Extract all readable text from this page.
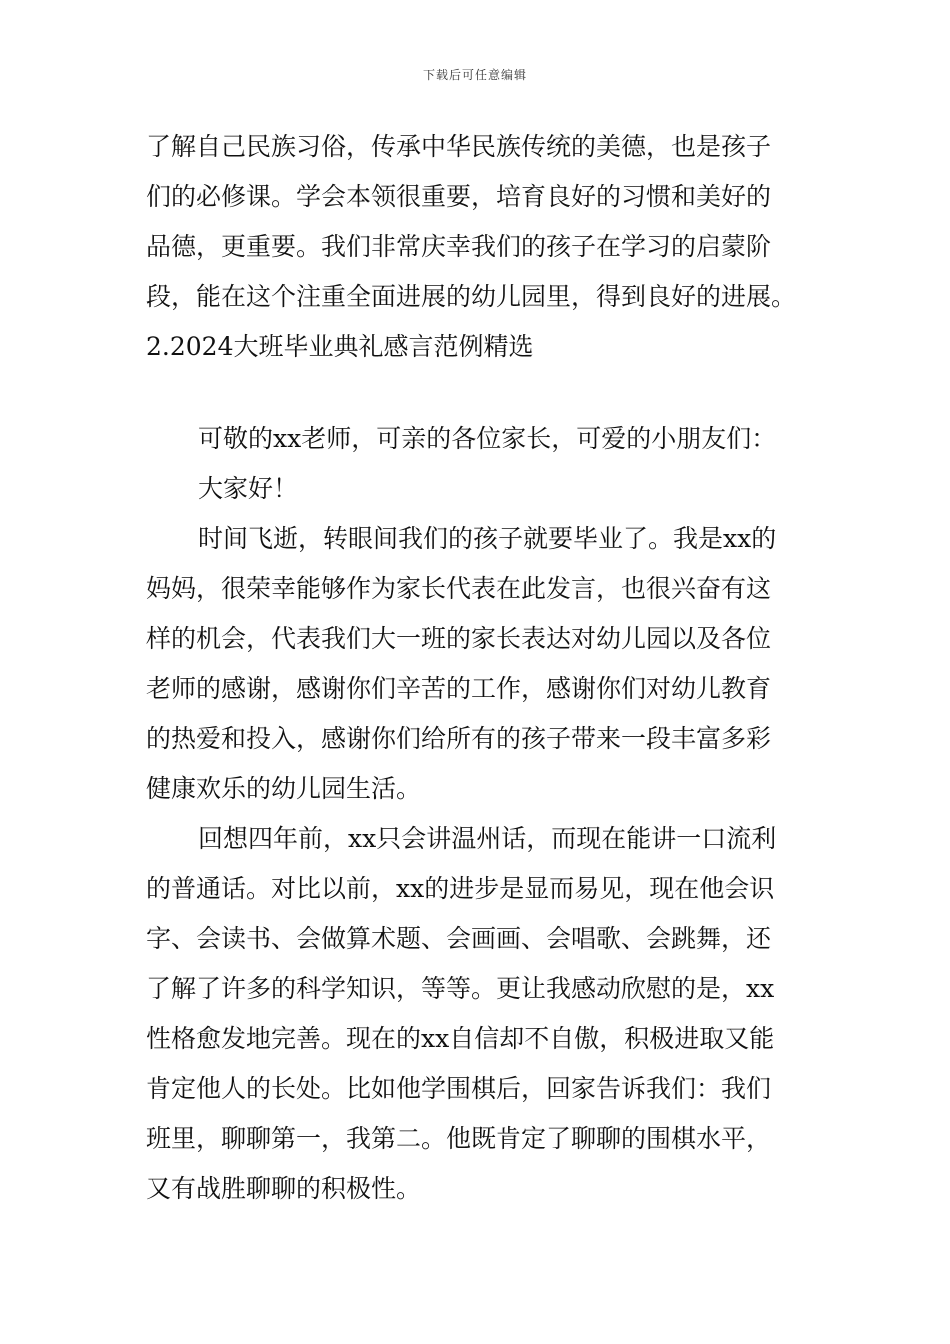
下载后可任意编辑
了解自己民族习俗，传承中华民族传统的美德，也是孩子
们的必修课。学会本领很重要，培育良好的习惯和美好的
品德，更重要。我们非常庆幸我们的孩子在学习的启蒙阶
段，能在这个注重全面进展的幼儿园里，得到良好的进展。
2.2024大班毕业典礼感言范例精选
可敬的xx老师，可亲的各位家长，可爱的小朋友们：
大家好！
时间飞逝，转眼间我们的孩子就要毕业了。我是xx的
妈妈，很荣幸能够作为家长代表在此发言，也很兴奋有这
样的机会，代表我们大一班的家长表达对幼儿园以及各位
老师的感谢，感谢你们辛苦的工作，感谢你们对幼儿教育
的热爱和投入，感谢你们给所有的孩子带来一段丰富多彩
健康欢乐的幼儿园生活。
回想四年前，xx只会讲温州话，而现在能讲一口流利
的普通话。对比以前，xx的进步是显而易见，现在他会识
字、会读书、会做算术题、会画画、会唱歌、会跳舞，还
了解了许多的科学知识，等等。更让我感动欣慰的是，xx
性格愈发地完善。现在的xx自信却不自傲，积极进取又能
肯定他人的长处。比如他学围棋后，回家告诉我们：我们
班里，聊聊第一，我第二。他既肯定了聊聊的围棋水平，
又有战胜聊聊的积极性。
